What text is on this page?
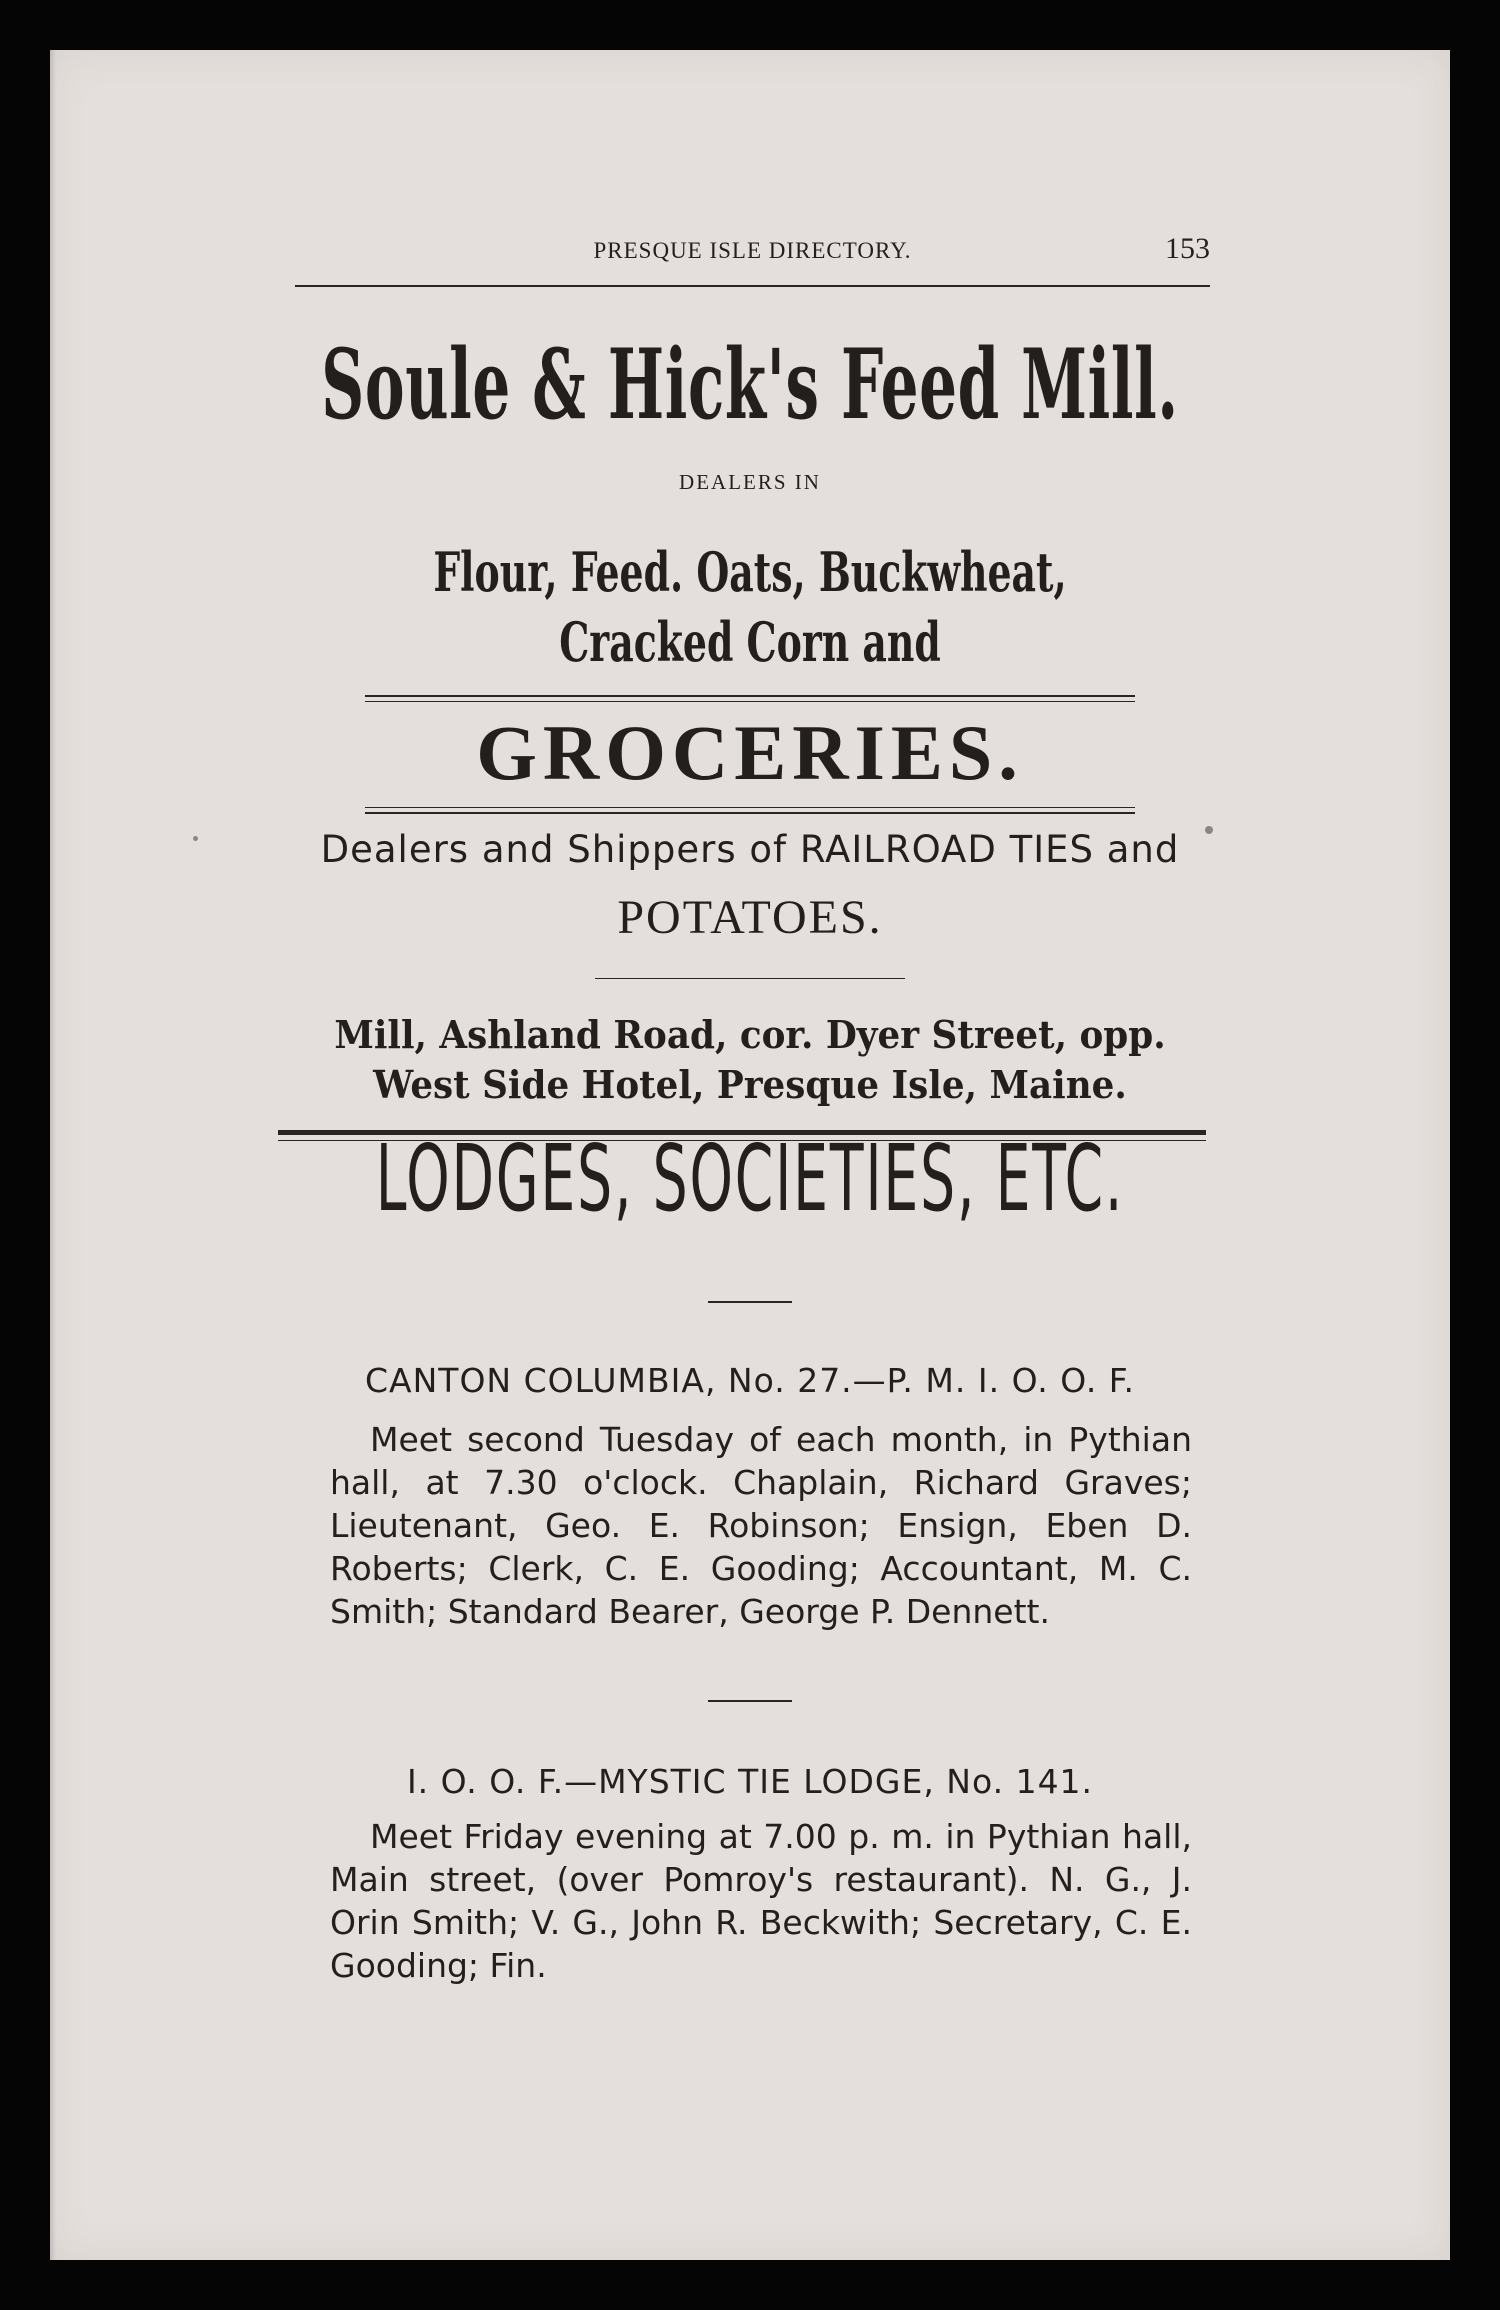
PRESQUE ISLE DIRECTORY.	153
Soule & Hick's Feed Mill.
DEALERS IN
Flour, Feed. Oats, Buckwheat,
Cracked Corn and
GROCERIES.
Dealers and Shippers of RAILROAD TIES and
POTATOES.
Mill, Ashland Road, cor. Dyer Street, opp.
West Side Hotel, Presque Isle, Maine.
LODGES, SOCIETIES, ETC.
CANTON COLUMBIA, No. 27.—P. M. I. O. O. F.
Meet second Tuesday of each month, in Pythian hall, at 7.30 o'clock. Chaplain, Richard Graves; Lieutenant, Geo. E. Robinson; Ensign, Eben D. Roberts; Clerk, C. E. Gooding; Accountant, M. C. Smith; Standard Bearer, George P. Dennett.
I. O. O. F.—MYSTIC TIE LODGE, No. 141.
Meet Friday evening at 7.00 p. m. in Pythian hall, Main street, (over Pomroy's restaurant). N. G., J. Orin Smith; V. G., John R. Beckwith; Secretary, C. E. Gooding; Fin.
